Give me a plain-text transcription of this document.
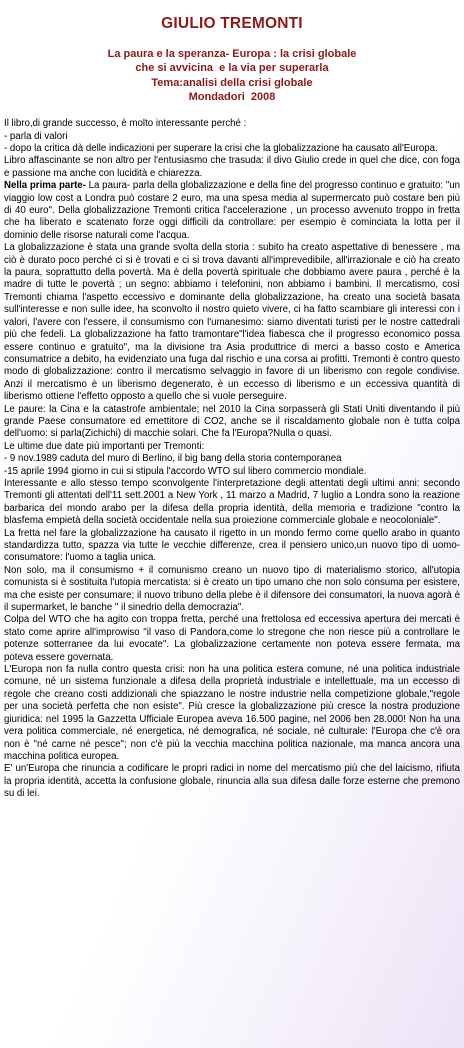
GIULIO TREMONTI
La paura e la speranza- Europa : la crisi globale
che si avvicina  e la via per superarla
Tema:analisi della crisi globale
Mondadori  2008

Il libro,di grande successo, è molto interessante perché :

- parla di valori

- dopo la critica dà delle indicazioni per superare la crisi che la globalizzazione ha causato all'Europa.

Libro affascinante se non altro per l'entusiasmo che trasuda: il divo Giulio crede in quel che dice, con foga e passione ma anche con lucidità e chiarezza.

Nella prima parte- La paura- parla della globalizzazione e della fine del progresso continuo e gratuito: "un viaggio low cost a Londra può costare 2 euro, ma una spesa media al supermercato può costare ben più di 40 euro". Della globalizzazione Tremonti critica l'accelerazione , un processo avvenuto troppo in fretta che ha liberato e scatenato forze oggi difficili da controllare: per esempio è cominciata la lotta per il dominio delle risorse naturali come l'acqua.

La globalizzazione è stata una grande svolta della storia : subito ha creato aspettative di benessere , ma ciò è durato poco perché ci si è trovati e ci si trova davanti all'imprevedibile, all'irrazionale e ciò ha creato la paura, soprattutto della povertà. Ma è della povertà spirituale che dobbiamo avere paura , perché è la madre di tutte le povertà ; un segno: abbiamo i telefonini, non abbiamo i bambini. Il mercatismo, così Tremonti chiama l'aspetto eccessivo e dominante della globalizzazione, ha creato una società basata sull'interesse e non sulle idee, ha sconvolto il nostro quieto vivere, ci ha fatto scambiare gli interessi con i valori, l'avere con l'essere, il consumismo con l'umanesimo: siamo diventati turisti per le nostre cattedrali più che fedeli. La globalizzazione ha fatto tramontare"l'idea fiabesca che il progresso economico possa essere continuo e gratuito", ma la divisione tra Asia produttrice di merci a basso costo e America consumatrice a debito, ha evidenziato una fuga dal rischio e una corsa ai profitti. Tremonti è contro questo modo di globalizzazione: contro il mercatismo selvaggio in favore di un liberismo con regole condivise. Anzi il mercatismo è un liberismo degenerato, è un eccesso di liberismo e un eccessiva quantità di liberismo ottiene l'effetto opposto a quello che si vuole perseguire.

Le paure: la Cina e la catastrofe ambientale; nel 2010 la Cina sorpasserà gli Stati Uniti diventando il più grande Paese consumatore ed emettitore di CO2, anche se il riscaldamento globale non è tutta colpa dell'uomo: si parla(Zichichi) di macchie solari. Che fa l'Europa?Nulla o quasi.

Le ultime due date più importanti per Tremonti:

- 9 nov.1989 caduta del muro di Berlino, il big bang della storia contemporanea

-15 aprile 1994 giorno in cui si stipula l'accordo WTO sul libero commercio mondiale.

Interessante e allo stesso tempo sconvolgente l'interpretazione degli attentati degli ultimi anni: secondo Tremonti gli attentati dell'11 sett.2001 a New York , 11 marzo a Madrid, 7 luglio a Londra sono la reazione barbarica del mondo arabo per la difesa della propria identità, della memoria e tradizione "contro la blasfema empietà della società occidentale nella sua proiezione commerciale globale e neocoloniale".

La fretta nel fare la globalizzazione ha causato il rigetto in un mondo fermo come quello arabo in quanto standardizza tutto, spazza via tutte le vecchie differenze, crea il pensiero unico,un nuovo tipo di uomo-consumatore: l'uomo a taglia unica.

Non solo, ma il consumismo + il comunismo creano un nuovo tipo di materialismo storico, all'utopia comunista si è sostituita l'utopia mercatista: si è creato un tipo umano che non solo consuma per esistere, ma che esiste per consumare; il nuovo tribuno della plebe è il difensore dei consumatori, la nuova agorà è il supermarket, le banche " il sinedrio della democrazia".

Colpa del WTO che ha agito con troppa fretta, perché una frettolosa ed eccessiva apertura dei mercati è stato come aprire all'improwiso "il vaso di Pandora,come lo stregone che non riesce più a controllare le potenze sotterranee da lui evocate". La globalizzazione certamente non poteva essere fermata, ma poteva essere governata.

L'Europa non fa nulla contro questa crisi: non ha una politica estera comune, né una politica industriale comune, né un sistema funzionale a difesa della proprietà industriale e intellettuale, ma un eccesso di regole che creano costi addizionali che spiazzano le nostre industrie nella competizione globale,"regole per una società perfetta che non esiste". Più cresce la globalizzazione più cresce la nostra produzione giuridica: nel 1995 la Gazzetta Ufficiale Europea aveva 16.500 pagine, nel 2006 ben 28.000! Non ha una vera politica commerciale, né energetica, né demografica, né sociale, né culturale: l'Europa che c'è ora non è "né carne né pesce"; non c'è più la vecchia macchina politica nazionale, ma manca ancora una macchina politica europea.

E' un'Europa che rinuncia a codificare le propri radici in nome del mercatismo più che del laicismo, rifiuta la propria identità, accetta la confusione globale, rinuncia alla sua difesa dalle forze esterne che premono su di lei.
